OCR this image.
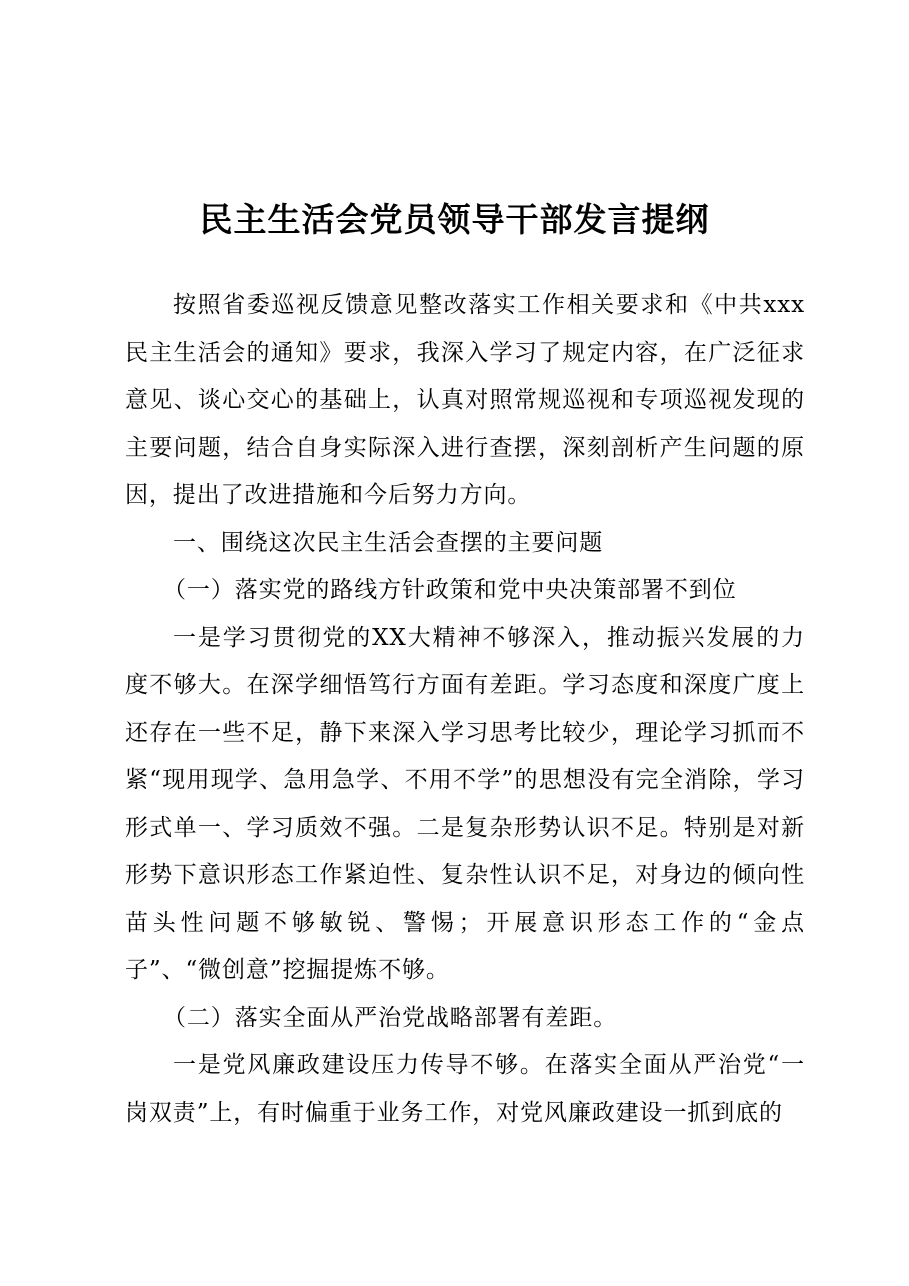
民主生活会党员领导干部发言提纲

按照省委巡视反馈意见整改落实工作相关要求和《中共xxx民主生活会的通知》要求，我深入学习了规定内容，在广泛征求意见、谈心交心的基础上，认真对照常规巡视和专项巡视发现的主要问题，结合自身实际深入进行查摆，深刻剖析产生问题的原因，提出了改进措施和今后努力方向。

一、围绕这次民主生活会查摆的主要问题

（一）落实党的路线方针政策和党中央决策部署不到位

一是学习贯彻党的XX大精神不够深入，推动振兴发展的力度不够大。在深学细悟笃行方面有差距。学习态度和深度广度上还存在一些不足，静下来深入学习思考比较少，理论学习抓而不紧“现用现学、急用急学、不用不学”的思想没有完全消除，学习形式单一、学习质效不强。二是复杂形势认识不足。特别是对新形势下意识形态工作紧迫性、复杂性认识不足，对身边的倾向性苗头性问题不够敏锐、警惕；开展意识形态工作的“金点子”、“微创意”挖掘提炼不够。

（二）落实全面从严治党战略部署有差距。

一是党风廉政建设压力传导不够。在落实全面从严治党“一岗双责”上，有时偏重于业务工作，对党风廉政建设一抓到底的
